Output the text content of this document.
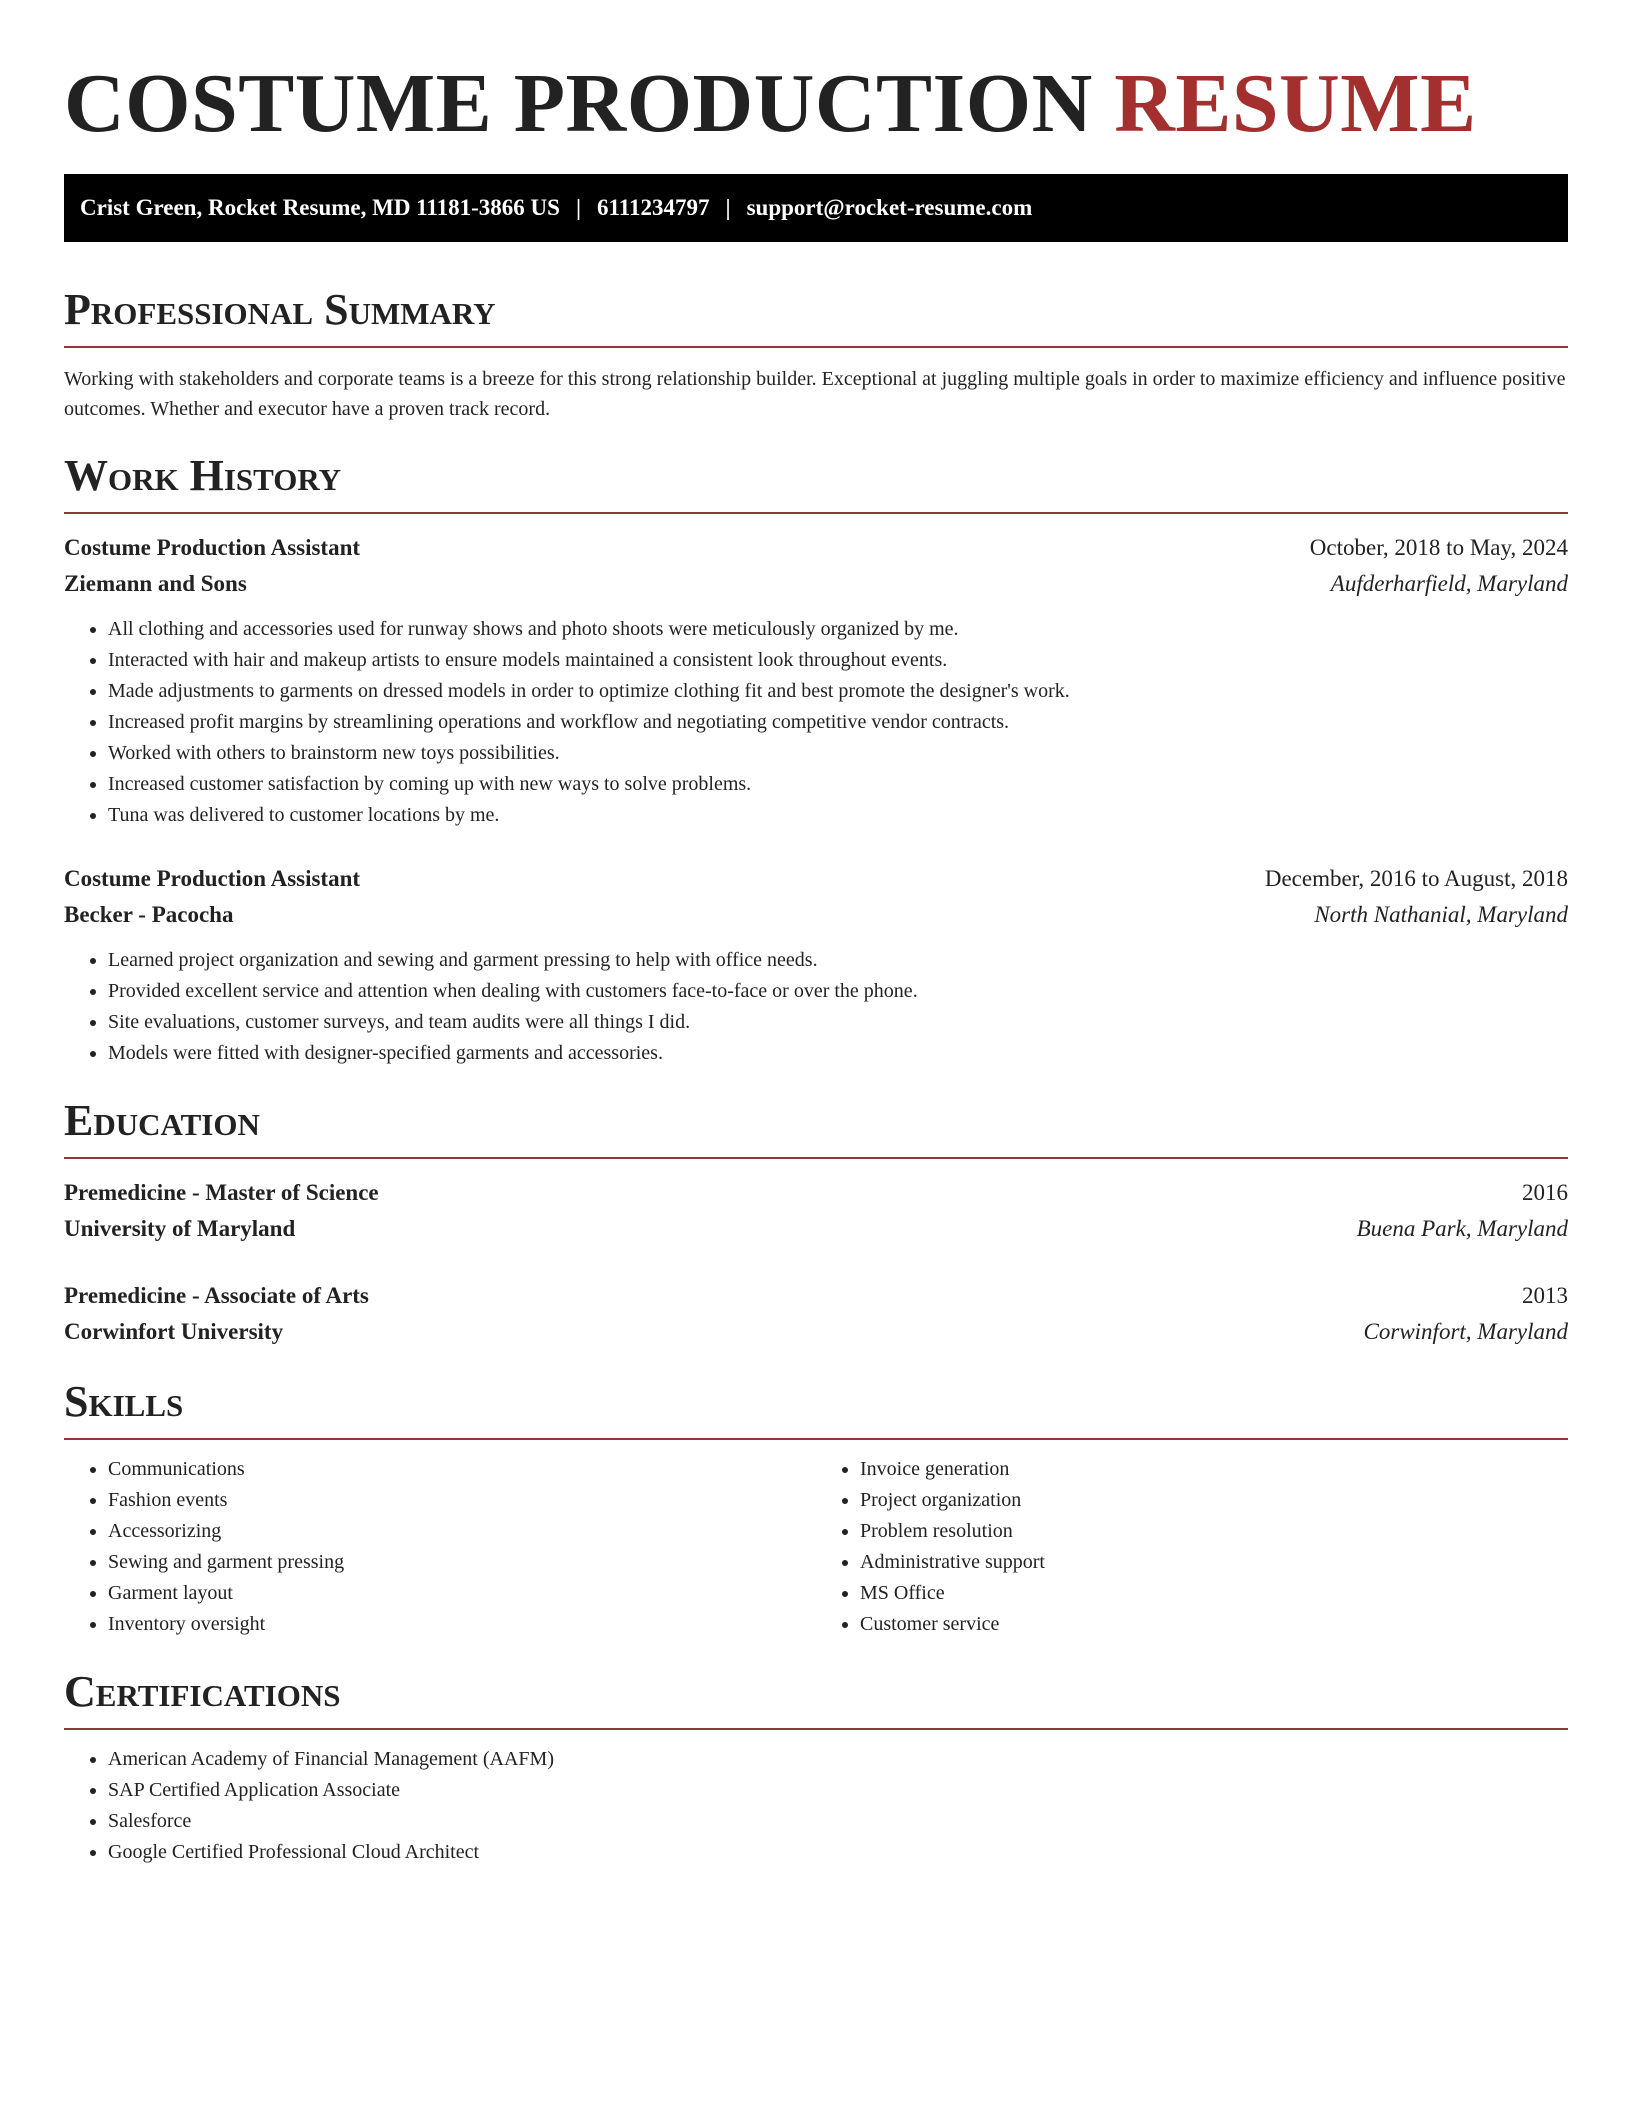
COSTUME PRODUCTION RESUME
Crist Green, Rocket Resume, MD 11181-3866 US | 6111234797 | support@rocket-resume.com
Professional Summary

Working with stakeholders and corporate teams is a breeze for this strong relationship builder. Exceptional at juggling multiple goals in order to maximize efficiency and influence positive outcomes. Whether and executor have a proven track record.

Work History
Costume Production Assistant	October, 2018 to May, 2024
Ziemann and Sons	Aufderharfield, Maryland
• All clothing and accessories used for runway shows and photo shoots were meticulously organized by me.
• Interacted with hair and makeup artists to ensure models maintained a consistent look throughout events.
• Made adjustments to garments on dressed models in order to optimize clothing fit and best promote the designer's work.
• Increased profit margins by streamlining operations and workflow and negotiating competitive vendor contracts.
• Worked with others to brainstorm new toys possibilities.
• Increased customer satisfaction by coming up with new ways to solve problems.
• Tuna was delivered to customer locations by me.
Costume Production Assistant	December, 2016 to August, 2018
Becker - Pacocha	North Nathanial, Maryland
• Learned project organization and sewing and garment pressing to help with office needs.
• Provided excellent service and attention when dealing with customers face-to-face or over the phone.
• Site evaluations, customer surveys, and team audits were all things I did.
• Models were fitted with designer-specified garments and accessories.
Education
Premedicine - Master of Science	2016
University of Maryland	Buena Park, Maryland
Premedicine - Associate of Arts	2013
Corwinfort University	Corwinfort, Maryland
Skills
• Communications
• Fashion events
• Accessorizing
• Sewing and garment pressing
• Garment layout
• Inventory oversight
• Invoice generation
• Project organization
• Problem resolution
• Administrative support
• MS Office
• Customer service
Certifications
• American Academy of Financial Management (AAFM)
• SAP Certified Application Associate
• Salesforce
• Google Certified Professional Cloud Architect
